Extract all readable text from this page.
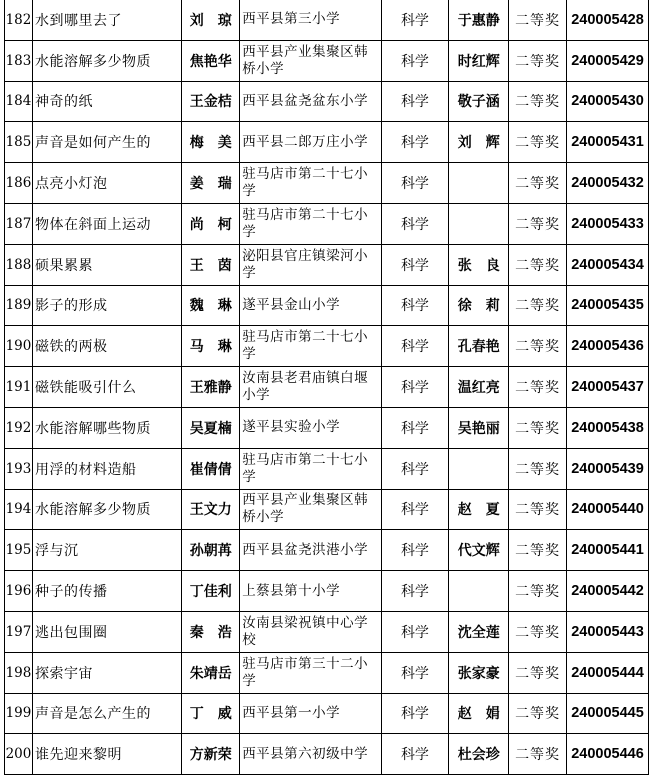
182	水到哪里去了	刘　琼	西平县第三小学	科学	于惠静	二等奖	240005428
183	水能溶解多少物质	焦艳华	西平县产业集聚区韩桥小学	科学	时红辉	二等奖	240005429
184	神奇的纸	王金桔	西平县盆尧盆东小学	科学	敬子涵	二等奖	240005430
185	声音是如何产生的	梅　美	西平县二郎万庄小学	科学	刘　辉	二等奖	240005431
186	点亮小灯泡	姜　瑞	驻马店市第二十七小学	科学		二等奖	240005432
187	物体在斜面上运动	尚　柯	驻马店市第二十七小学	科学		二等奖	240005433
188	硕果累累	王　茵	泌阳县官庄镇梁河小学	科学	张　良	二等奖	240005434
189	影子的形成	魏　琳	遂平县金山小学	科学	徐　莉	二等奖	240005435
190	磁铁的两极	马　琳	驻马店市第二十七小学	科学	孔春艳	二等奖	240005436
191	磁铁能吸引什么	王雅静	汝南县老君庙镇白堰小学	科学	温红亮	二等奖	240005437
192	水能溶解哪些物质	吴夏楠	遂平县实验小学	科学	吴艳丽	二等奖	240005438
193	用浮的材料造船	崔倩倩	驻马店市第二十七小学	科学		二等奖	240005439
194	水能溶解多少物质	王文力	西平县产业集聚区韩桥小学	科学	赵　夏	二等奖	240005440
195	浮与沉	孙朝苒	西平县盆尧洪港小学	科学	代文辉	二等奖	240005441
196	种子的传播	丁佳利	上蔡县第十小学	科学		二等奖	240005442
197	逃出包围圈	秦　浩	汝南县梁祝镇中心学校	科学	沈全莲	二等奖	240005443
198	探索宇宙	朱靖岳	驻马店市第三十二小学	科学	张家豪	二等奖	240005444
199	声音是怎么产生的	丁　威	西平县第一小学	科学	赵　娟	二等奖	240005445
200	谁先迎来黎明	方新荣	西平县第六初级中学	科学	杜会珍	二等奖	240005446
